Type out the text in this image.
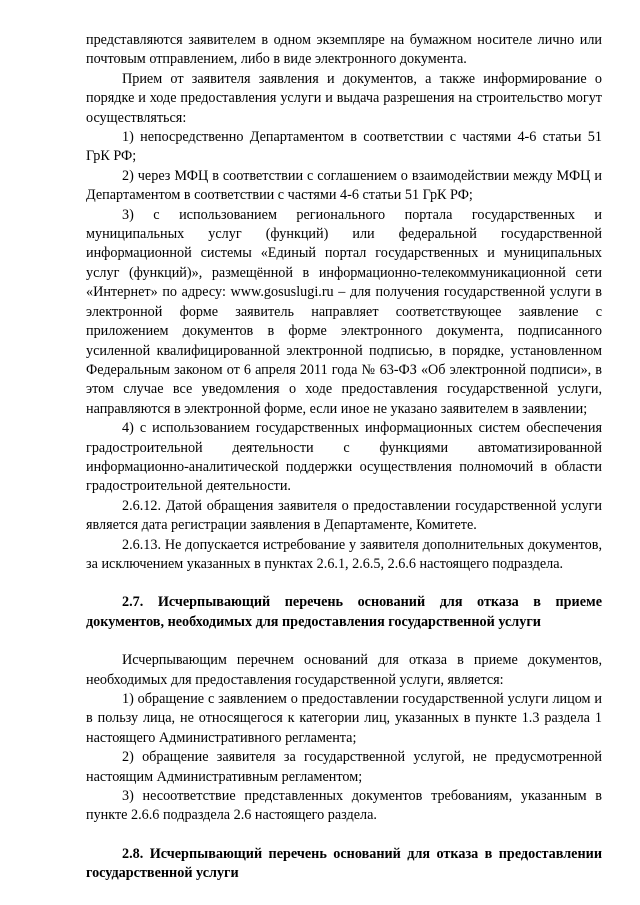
представляются заявителем в одном экземпляре на бумажном носителе лично или почтовым отправлением, либо в виде электронного документа.

Прием от заявителя заявления и документов, а также информирование о порядке и ходе предоставления услуги и выдача разрешения на строительство могут осуществляться:

1) непосредственно Департаментом в соответствии с частями 4-6 статьи 51 ГрК РФ;

2) через МФЦ в соответствии с соглашением о взаимодействии между МФЦ и Департаментом в соответствии с частями 4-6 статьи 51 ГрК РФ;

3) с использованием регионального портала государственных и муниципальных услуг (функций) или федеральной государственной информационной системы «Единый портал государственных и муниципальных услуг (функций)», размещённой в информационно-телекоммуникационной сети «Интернет» по адресу: www.gosuslugi.ru – для получения государственной услуги в электронной форме заявитель направляет соответствующее заявление с приложением документов в форме электронного документа, подписанного усиленной квалифицированной электронной подписью, в порядке, установленном Федеральным законом от 6 апреля 2011 года № 63-ФЗ «Об электронной подписи», в этом случае все уведомления о ходе предоставления государственной услуги, направляются в электронной форме, если иное не указано заявителем в заявлении;

4) с использованием государственных информационных систем обеспечения градостроительной деятельности с функциями автоматизированной информационно-аналитической поддержки осуществления полномочий в области градостроительной деятельности.

2.6.12. Датой обращения заявителя о предоставлении государственной услуги является дата регистрации заявления в Департаменте, Комитете.

2.6.13. Не допускается истребование у заявителя дополнительных документов, за исключением указанных в пунктах 2.6.1, 2.6.5, 2.6.6 настоящего подраздела.

2.7. Исчерпывающий перечень оснований для отказа в приеме документов, необходимых для предоставления государственной услуги

Исчерпывающим перечнем оснований для отказа в приеме документов, необходимых для предоставления государственной услуги, является:

1) обращение с заявлением о предоставлении государственной услуги лицом и в пользу лица, не относящегося к категории лиц, указанных в пункте 1.3 раздела 1 настоящего Административного регламента;

2) обращение заявителя за государственной услугой, не предусмотренной настоящим Административным регламентом;

3) несоответствие представленных документов требованиям, указанным в пункте 2.6.6 подраздела 2.6 настоящего раздела.

2.8. Исчерпывающий перечень оснований для отказа в предоставлении государственной услуги
